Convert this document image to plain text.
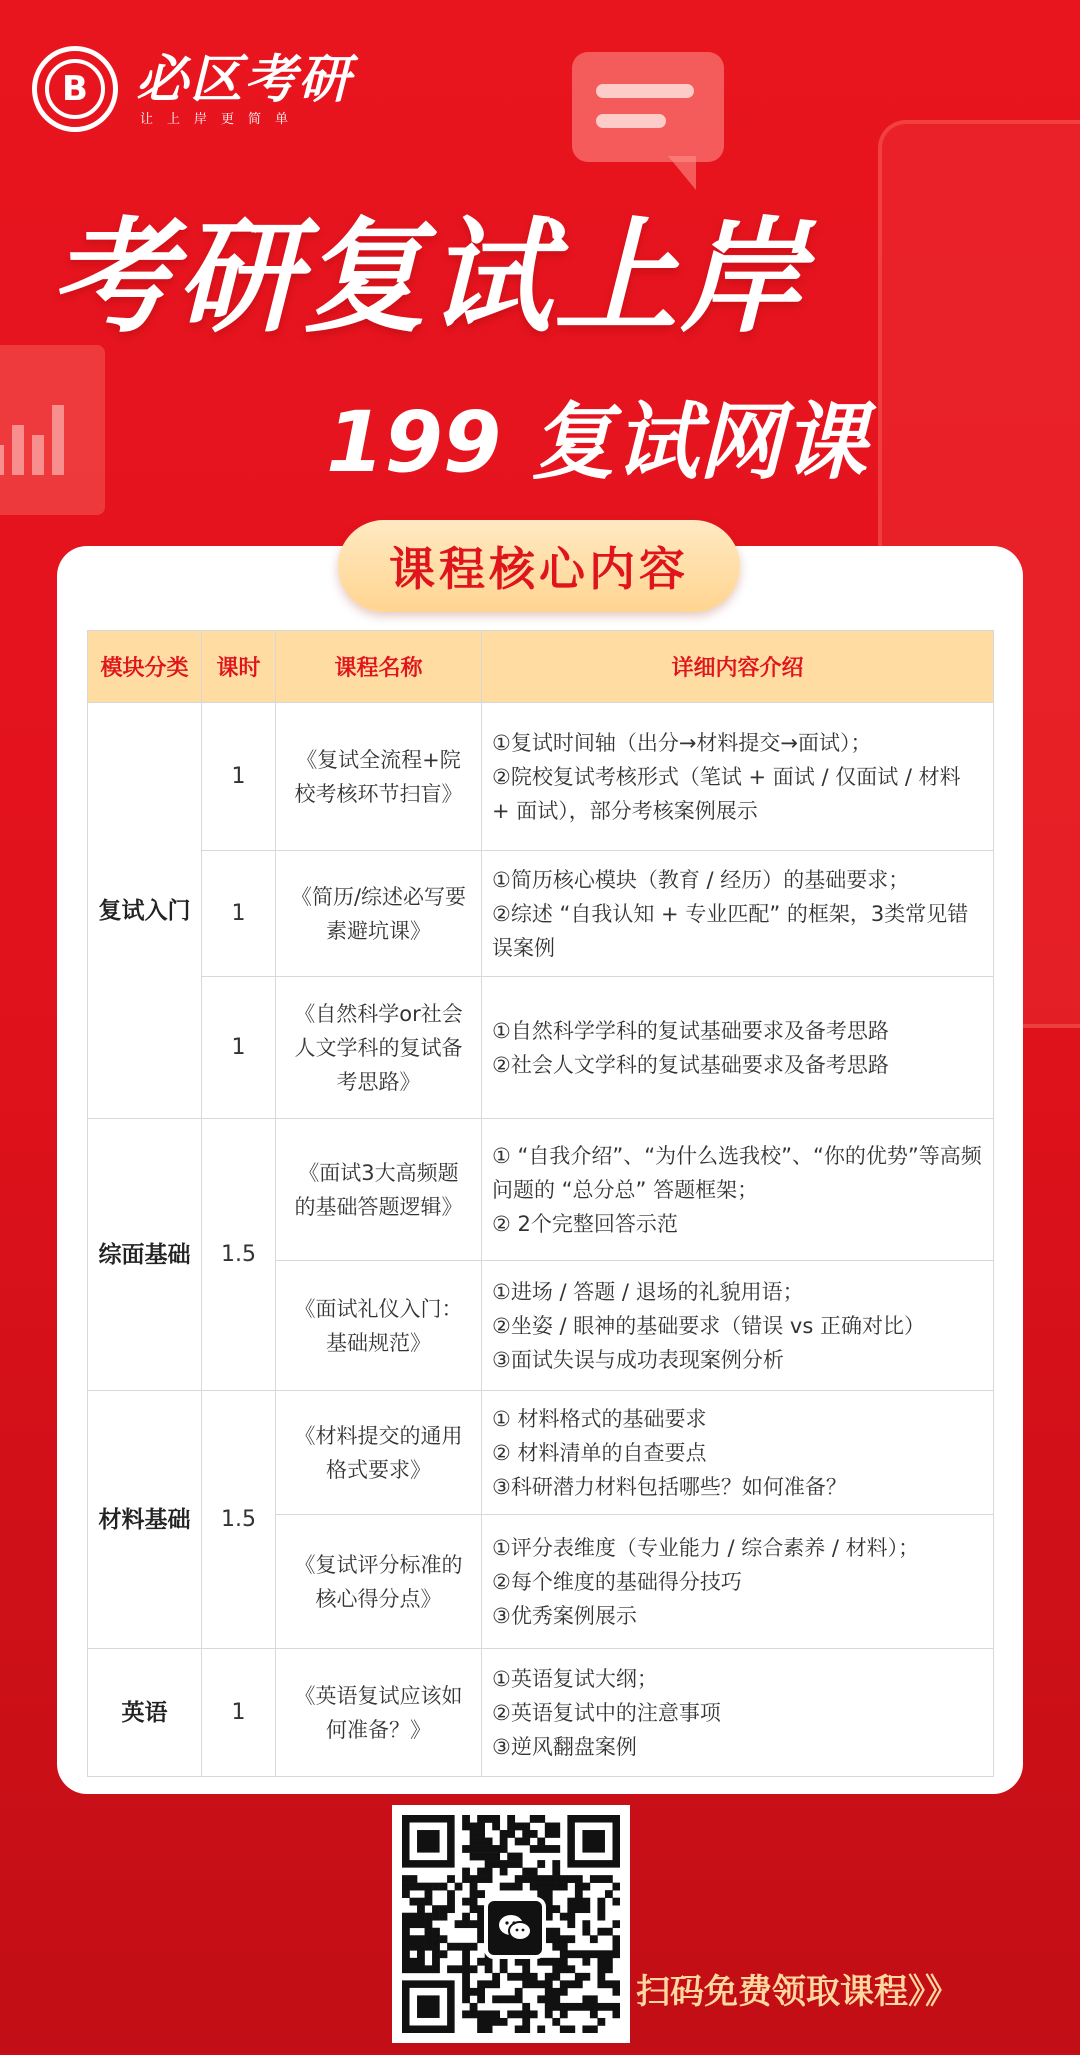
B 必区考研
让上岸更简单
考研复试上岸
199 复试网课
课程核心内容
模块分类	课时	课程名称	详细内容介绍
复试入门	1	《复试全流程+院校考核环节扫盲》	①复试时间轴（出分→材料提交→面试）；
②院校复试考核形式（笔试 + 面试 / 仅面试 / 材料 + 面试），部分考核案例展示

	1	《简历/综述必写要素避坑课》	①简历核心模块（教育 / 经历）的基础要求；
②综述 “自我认知 + 专业匹配” 的框架，3类常见错误案例

	1	《自然科学or社会人文学科的复试备考思路》	①自然科学学科的复试基础要求及备考思路
②社会人文学科的复试基础要求及备考思路

综面基础	1.5	《面试3大高频题的基础答题逻辑》	① “自我介绍”、“为什么选我校”、“你的优势”等高频问题的 “总分总” 答题框架；
② 2个完整回答示范

		《面试礼仪入门：基础规范》	①进场 / 答题 / 退场的礼貌用语；
②坐姿 / 眼神的基础要求（错误 vs 正确对比）
③面试失误与成功表现案例分析

材料基础	1.5	《材料提交的通用格式要求》	① 材料格式的基础要求
② 材料清单的自查要点
③科研潜力材料包括哪些？如何准备？

		《复试评分标准的核心得分点》	①评分表维度（专业能力 / 综合素养 / 材料）；
②每个维度的基础得分技巧
③优秀案例展示

英语	1	《英语复试应该如何准备？》	①英语复试大纲；
②英语复试中的注意事项
③逆风翻盘案例
扫码免费领取课程》》
